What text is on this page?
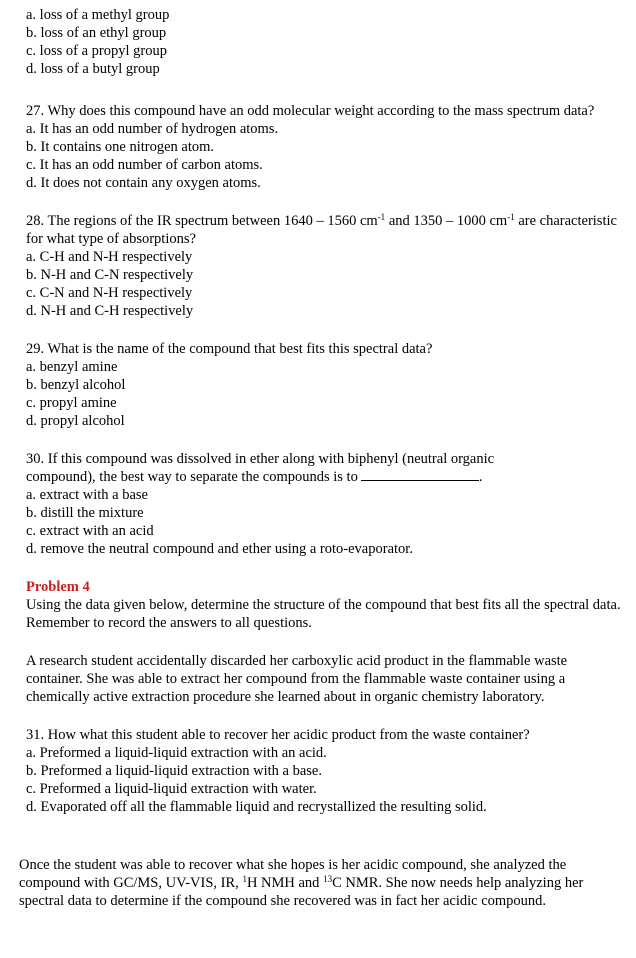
a. loss of a methyl group
b. loss of an ethyl group
c. loss of a propyl group
d. loss of a butyl group
27. Why does this compound have an odd molecular weight according to the mass spectrum data?
a. It has an odd number of hydrogen atoms.
b. It contains one nitrogen atom.
c. It has an odd number of carbon atoms.
d. It does not contain any oxygen atoms.
28. The regions of the IR spectrum between 1640 – 1560 $cm^{-1}$ and 1350 – 1000 $cm^{-1}$ are characteristic for what type of absorptions?
a. C-H and N-H respectively
b. N-H and C-N respectively
c. C-N and N-H respectively
d. N-H and C-H respectively
29. What is the name of the compound that best fits this spectral data?
a. benzyl amine
b. benzyl alcohol
c. propyl amine
d. propyl alcohol
30. If this compound was dissolved in ether along with biphenyl (neutral organic
compound), the best way to separate the compounds is to	.
a. extract with a base
b. distill the mixture
c. extract with an acid
d. remove the neutral compound and ether using a roto-evaporator.
Problem 4
Using the data given below, determine the structure of the compound that best fits all the spectral data. Remember to record the answers to all questions.
A research student accidentally discarded her carboxylic acid product in the flammable waste container. She was able to extract her compound from the flammable waste container using a chemically active extraction procedure she learned about in organic chemistry laboratory.
31. How what this student able to recover her acidic product from the waste container?
a. Preformed a liquid-liquid extraction with an acid.
b. Preformed a liquid-liquid extraction with a base.
c. Preformed a liquid-liquid extraction with water.
d. Evaporated off all the flammable liquid and recrystallized the resulting solid.
Once the student was able to recover what she hopes is her acidic compound, she analyzed the compound with GC/MS, UV-VIS, IR, $^1$H NMH and $^{13}$C NMR. She now needs help analyzing her spectral data to determine if the compound she recovered was in fact her acidic compound.
